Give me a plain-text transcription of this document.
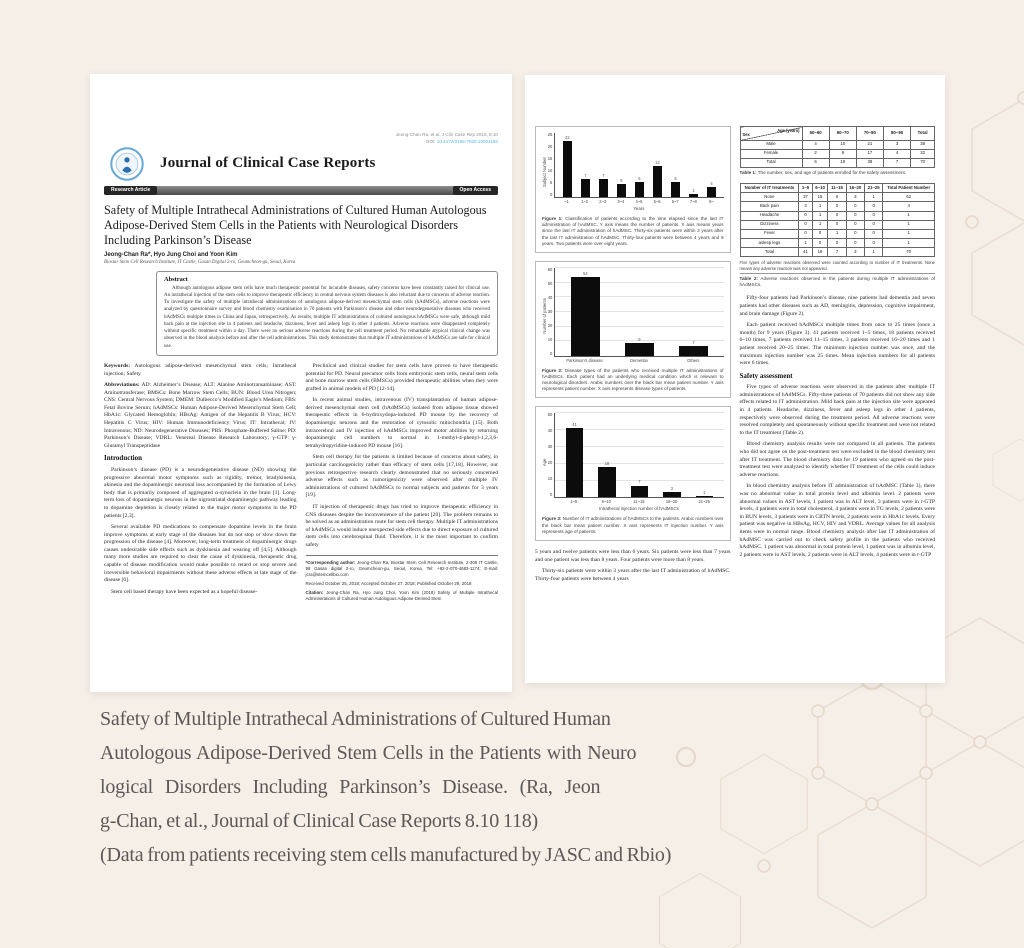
Jeong-Chan Ra, et al. J Clin Case Rep 2018, 8:10
DOI: 10.4172/2165-7920.10001183
Journal of Clinical Case Reports
Research Article	Open Access
Safety of Multiple Intrathecal Administrations of Cultured Human Autologous Adipose-Derived Stem Cells in the Patients with Neurological Disorders Including Parkinson’s Disease
Jeong-Chan Ra*, Hyo Jung Choi and Yoon Kim
Biostar Stem Cell Research Institute, IT Castle, Gasan Digital 2-ro, Geumcheon-gu, Seoul, Korea
Abstract

Although autologous adipose stem cells have much therapeutic potential for incurable diseases, safety concerns have been constantly raised for clinical use. An intrathecal injection of the stem cells to improve therapeutic efficiency in central nervous system diseases is also reluctant due to concerns of adverse reaction. To investigate the safety of multiple intrathecal administrations of autologous adipose-derived mesenchymal stem cells (hAdMSCs), adverse reactions were analyzed by questionnaire survey and blood chemistry examination in 70 patients with Parkinson’s disease and other neurodegenerative diseases who received hAdMSCs multiple times in China and Japan, retrospectively. As results, multiple IT administrations of cultured autologous hAdMSCs were safe, although mild back pain at the injection site in 4 patients and headache, dizziness, fever and asleep legs in other 4 patients. Adverse reactions were disappeared completely without specific treatment within a day. There were no serious adverse reactions during the cell treatment period. No remarkable atypical clinical change was observed in the blood analysis before and after the cell administrations. This study demonstrates that multiple IT administrations of hAdMSCs are safe for clinical use.

Keywords: Autologous adipose-derived mesenchymal stem cells; Intrathecal injection; Safety

Abbreviations: AD: Alzheimer’s Disease; ALT: Alanine Aminotransaminase; AST: Aminotransferase; BMSCs: Bone Marrow Stem Cells; BUN: Blood Urea Nitrogen; CNS: Central Nervous System; DMEM: Dulbecco’s Modified Eagle’s Medium; FBS: Fetal Bovine Serum; hAdMSCs: Human Adipose-Derived Mesenchymal Stem Cell; HbA1c: Glycated Hemoglobin; HBsAg: Antigen of the Hepatitis B Virus; HCV: Hepatitis C Virus; HIV: Human Immunodeficiency Virus; IT: Intrathecal; IV: Intravenous; ND: Neurodegenerative Diseases; PBS: Phosphate-Buffered Saline; PD: Parkinson’s Disease; VDRL: Venereal Disease Research Laboratory; γ-GTP: γ-Glutamyl Transpeptidase

Introduction

Parkinson’s disease (PD) is a neurodegenerative disease (ND) showing the progressive abnormal motor symptoms such as rigidity, tremor, bradykinesia, akinesia and the dopaminergic neuronal loss accompanied by the formation of Lewy body that is primarily composed of aggregated α-synuclein in the brain [1]. Long-term loss of dopaminergic neurons in the nigrostriatal dopaminergic pathway leading to dopamine depletion is closely related to the major motor symptoms in the PD patients [2,3].

Several available PD medications to compensate dopamine levels in the brain improve symptoms at early stage of the diseases but do not stop or slow down the progression of the disease [4]. Moreover, long-term treatment of dopaminergic drugs causes undesirable side effects such as dyskinesia and wearing off [4,5]. Although many more studies are required to clear the cause of dyskinesia, therapeutic drug capable of disease modification would make possible to retard or stop severe and irreversible behavioral impairments without these adverse effects at late stage of the disease [6].

Stem cell based therapy have been expected as a hopeful disease-

Preclinical and clinical studies for stem cells have proven to have therapeutic potential for PD. Neural precursor cells from embryonic stem cells, neural stem cells and bone marrow stem cells (BMSCs) provided therapeutic abilities when they were grafted in animal models of PD [12-14].

In recent animal studies, intravenous (IV) transplantation of human adipose-derived mesenchymal stem cell (hAdMSCs) isolated from adipose tissue showed therapeutic effects in 6-hydroxydopa-induced PD mouse by the recovery of dopaminergic neurons and the restoration of cytosolic mitochondria [15]. Both intracerebral and IV injection of hAdMSCs improved motor abilities by returning dopaminergic cell numbers to normal in 1-methyl-4-phenyl-1,2,3,6-tetrahydropyridine-induced PD mouse [16].

Stem cell therapy for the patients is limited because of concerns about safety, in particular carcinogenicity rather than efficacy of stem cells [17,18]. However, our previous retrospective research clearly demonstrated that no seriously concerned adverse effects such as tumorigenicity were observed after multiple IV administrations of cultured hAdMSCs to normal subjects and patients for 3 years [19].

IT injection of therapeutic drugs has tried to improve therapeutic efficiency in CNS diseases despite the inconvenience of the patient [20]. The problem remains to be solved as an administration route for stem cell therapy. Multiple IT administrations of hAdMSCs would induce unexpected side effects due to direct exposure of cultured stem cells into cerebrospinal fluid. Therefore, it is the most important to confirm safety

*Corresponding author: Jeong-Chan Ra, Biostar Stem Cell Research Institute, 2-305 IT Castle, 98 Gasan digital 2-ro, Geumcheon-gu, Seoul, Korea, Tel: +82-2-070-4683-1174; E-mail: jcra@stemcellbio.com

Received October 25, 2018; Accepted October 27, 2018; Published October 29, 2018

Citation: Jeong-Chan Ra, Hyo Jung Choi, Yoon Kim (2018) Safety of Multiple Intrathecal Administrations of Cultured Human Autologous Adipose-Derived Stem

Subject Number
25
20
15
10
5
0
22
7	7
5
6
12
6
1
4
~1	1~2	2~3	3~4	4~5	5~6	6~7	7~8	8~
Years
Figure 1: Classification of patients according to the time elapsed since the last IT administration of hAdMSC. Y axis means the number of patients. X axis means years since the last IT administration of hAdMSC. Thirty-six patients were within 3 years after the last IT administration of hAdMSC. Thirty-four patients were between 4 years and 9 years. Two patients were over eight years.
Number of patients
60
50
40
30
20
10
0
54
9
7
Parkinson’s disease	Dementia	Others
Figure 2: Disease types of the patients who received multiple IT administrations of hAdMSCs. Each patient had an underlying medical condition which is relevant to neurological disorders. Arabic numbers over the black bar mean patient number. Y axis represents patient number. X axis represents disease types of patients.
Age
50
40
30
20
10
0
41
18
7
3
1
1~5	6~10	11~15	16~20	21~25
Intrathecal injection number of hAdMSCs
Figure 3: Number of IT administrations of hAdMSCs to the patients. Arabic numbers over the black bar mean patient number. X axis represents IT injection number. Y axis represents age of patients.

5 years and twelve patients were less than 6 years. Six patients were less than 7 years and one patient was less than 8 years. Four patients were more than 8 years.

Thirty-six patients were within 3 years after the last IT administration of hAdMSC. Thirty-four patients were between 4 years

Age (years)
Sex	50~60	60~70	70~80	80~90	Total
Male	4	10	21	3	38
Female	2	9	17	4	32
Total	6	19	38	7	70
Table 1: The number, sex, and age of patients enrolled for the safety assessment.
Number of IT treatments	1~5	6~10	11~15	16~20	21~25	Total Patient Number
None	37	15	6	3	1	62
Back pain	3	1	0	0	0	4
Headache	0	1	0	0	0	1
Dizziness	0	1	0	0	0	1
Fever	0	0	1	0	0	1
asleep legs	1	0	0	0	0	1
Total	41	18	7	3	1	70
Five types of adverse reactions observed were counted according to number of IT treatments. None means any adverse reaction was not appeared.
Table 2: Adverse reactions observed in the patients during multiple IT administrations of hAdMSCs.

Fifty-four patients had Parkinson’s disease, nine patients had dementia and seven patients had other diseases such as AD, meningitis, depression, cognitive impairment, and brain damage (Figure 2).

Each patient received hAdMSCs multiple times from once to 25 times (once a month) for 9 years (Figure 3). 41 patients received 1~5 times, 18 patients received 6~10 times, 7 patients received 11~15 times, 3 patients received 16~20 times and 1 patient received 20~25 times. The minimum injection number was once, and the maximum injection number was 25 times. Mean injection numbers for all patients were 6 times.

Safety assessment

Five types of adverse reactions were observed in the patients after multiple IT administrations of hAdMSCs. Fifty-three patients of 70 patients did not show any side effects related to IT administration. Mild back pain at the injection site were appeared in 4 patients. Headache, dizziness, fever and asleep legs in other 4 patients, respectively were observed during the treatment period. All adverse reactions were resolved completely and spontaneously without specific treatment and were not related to the IT treatment (Table 2).

Blood chemistry analysis results were not compared in all patients. The patients who did not agree on the post-treatment test were excluded in the blood chemistry test after IT treatment. The blood chemistry data for 19 patients who agreed on the post-treatment test were analyzed to identify whether IT treatment of the cells could induce adverse reactions.

In blood chemistry analysis before IT administration of hAdMSC (Table 3), there was no abnormal value in total protein level and albumin level. 2 patients were abnormal values in AST levels, 1 patient was in ALT level, 3 patients were in r-GTP levels, 4 patients were in total cholesterol, 4 patients were in TG levels, 2 patients were in BUN levels, 3 patients were in CRTN levels, 2 patients were in HbA1c levels. Every patient was negative in HBsAg, HCV, HIV and VDRL. Average values for all analysis items were in normal range. Blood chemistry analysis after last IT administration of hAdMSC was carried out to check safety profile in the patients who received hAdMSC. 1 patient was abnormal in total protein level, 1 patient was in albumin level, 2 patients were in AST levels, 2 patients were in ALT levels, 4 patients were in r-GTP

Safety of Multiple Intrathecal Administrations of Cultured Human
Autologous Adipose-Derived Stem Cells in the Patients with Neuro
logical Disorders Including Parkinson’s Disease. (Ra, Jeon
g-Chan, et al., Journal of Clinical Case Reports 8.10 118)
(Data from patients receiving stem cells manufactured by JASC and Rbio)
